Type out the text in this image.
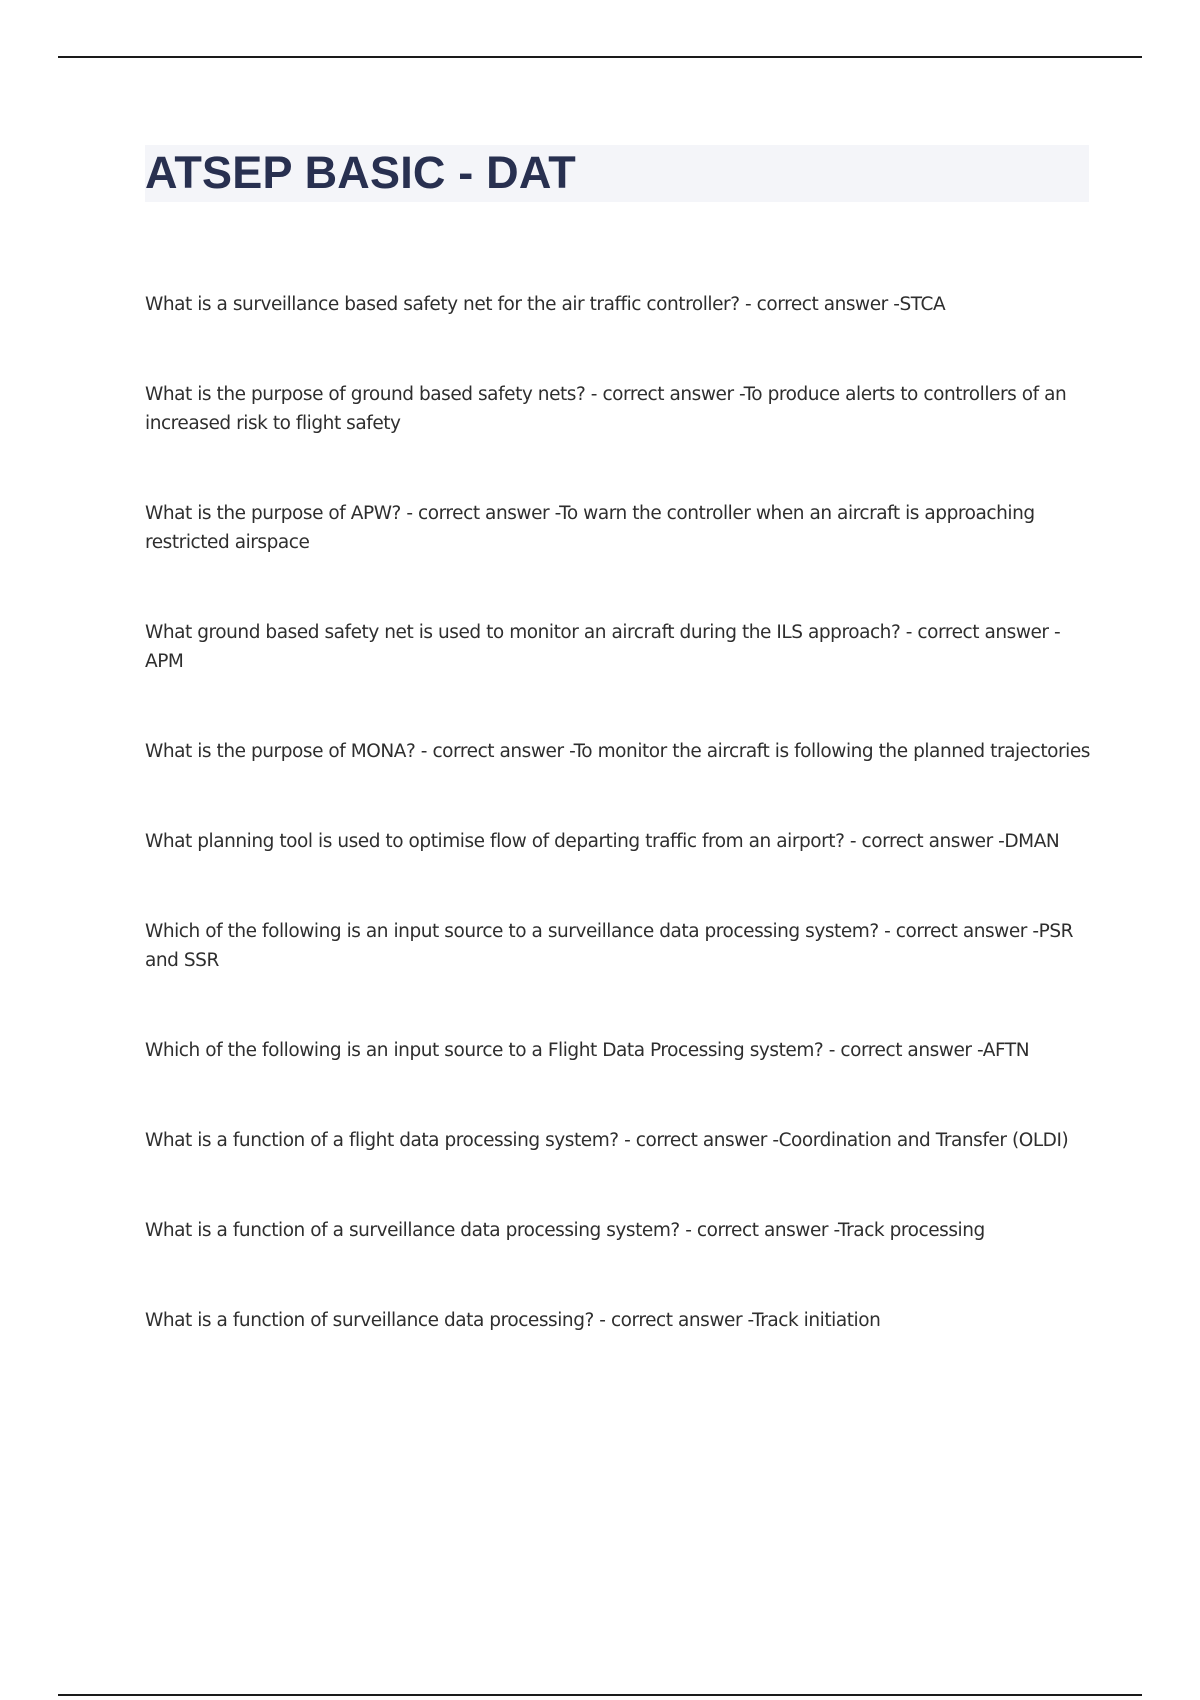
ATSEP BASIC - DAT
What is a surveillance based safety net for the air traffic controller? - correct answer -STCA
What is the purpose of ground based safety nets? - correct answer -To produce alerts to controllers of an increased risk to flight safety
What is the purpose of APW? - correct answer -To warn the controller when an aircraft is approaching restricted airspace
What ground based safety net is used to monitor an aircraft during the ILS approach? - correct answer -APM
What is the purpose of MONA? - correct answer -To monitor the aircraft is following the planned trajectories
What planning tool is used to optimise flow of departing traffic from an airport? - correct answer -DMAN
Which of the following is an input source to a surveillance data processing system? - correct answer -PSR and SSR
Which of the following is an input source to a Flight Data Processing system? - correct answer -AFTN
What is a function of a flight data processing system? - correct answer -Coordination and Transfer (OLDI)
What is a function of a surveillance data processing system? - correct answer -Track processing
What is a function of surveillance data processing? - correct answer -Track initiation
